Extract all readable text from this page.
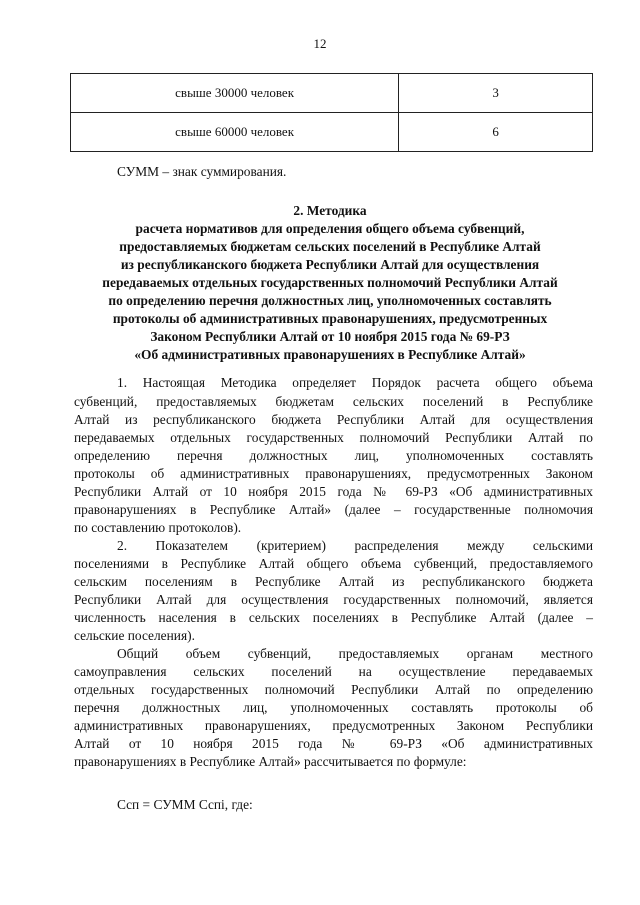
12
свыше 30000 человек	3
свыше 60000 человек	6
СУММ – знак суммирования.
2. Методика
расчета нормативов для определения общего объема субвенций,
предоставляемых бюджетам сельских поселений в Республике Алтай
из республиканского бюджета Республики Алтай для осуществления
передаваемых отдельных государственных полномочий Республики Алтай
по определению перечня должностных лиц, уполномоченных составлять
протоколы об административных правонарушениях, предусмотренных
Законом Республики Алтай от 10 ноября 2015 года № 69-РЗ
«Об административных правонарушениях в Республике Алтай»
1. Настоящая Методика определяет Порядок расчета общего объема
субвенций, предоставляемых бюджетам сельских поселений в Республике
Алтай из республиканского бюджета Республики Алтай для осуществления
передаваемых отдельных государственных полномочий Республики Алтай по
определению перечня должностных лиц, уполномоченных составлять
протоколы об административных правонарушениях, предусмотренных Законом
Республики Алтай от 10 ноября 2015 года № 69-РЗ «Об административных
правонарушениях в Республике Алтай» (далее – государственные полномочия
по составлению протоколов).
2. Показателем (критерием) распределения между сельскими
поселениями в Республике Алтай общего объема субвенций, предоставляемого
сельским поселениям в Республике Алтай из республиканского бюджета
Республики Алтай для осуществления государственных полномочий, является
численность населения в сельских поселениях в Республике Алтай (далее –
сельские поселения).
Общий объем субвенций, предоставляемых органам местного
самоуправления сельских поселений на осуществление передаваемых
отдельных государственных полномочий Республики Алтай по определению
перечня должностных лиц, уполномоченных составлять протоколы об
административных правонарушениях, предусмотренных Законом Республики
Алтай от 10 ноября 2015 года № 69-РЗ «Об административных
правонарушениях в Республике Алтай» рассчитывается по формуле:
Ссп = СУММ Сспi, где:
